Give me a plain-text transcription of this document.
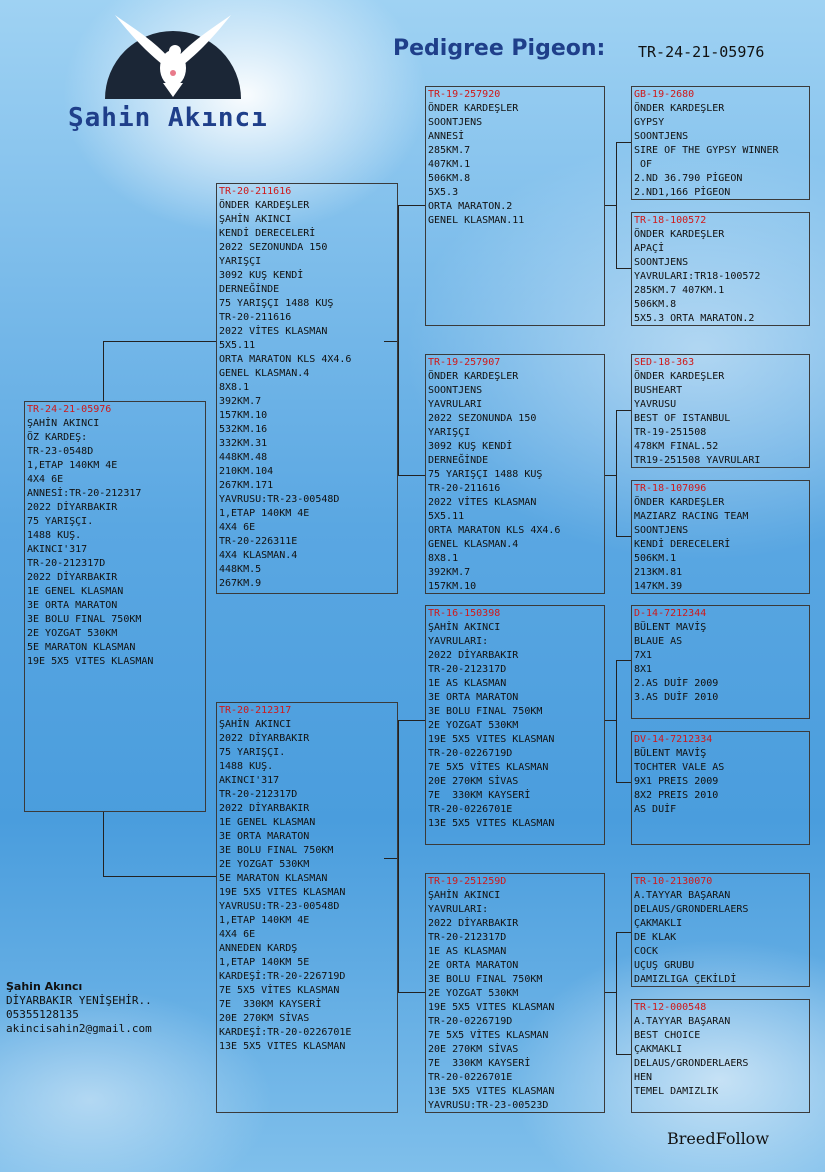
Şahin Akıncı
Pedigree Pigeon: TR-24-21-05976
TR-24-21-05976
ŞAHİN AKINCI
ÖZ KARDEŞ:
TR-23-0548D
1,ETAP 140KM 4E
4X4 6E
ANNESİ:TR-20-212317
2022 DİYARBAKIR
75 YARIŞÇI.
1488 KUŞ.
AKINCI'317
TR-20-212317D
2022 DİYARBAKIR
1E GENEL KLASMAN
3E ORTA MARATON
3E BOLU FINAL 750KM
2E YOZGAT 530KM
5E MARATON KLASMAN
19E 5X5 VITES KLASMAN
TR-20-211616
ÖNDER KARDEŞLER
ŞAHİN AKINCI
KENDİ DERECELERİ
2022 SEZONUNDA 150
YARIŞÇI
3092 KUŞ KENDİ
DERNEĞİNDE
75 YARIŞÇI 1488 KUŞ
TR-20-211616
2022 VİTES KLASMAN
5X5.11
ORTA MARATON KLS 4X4.6
GENEL KLASMAN.4
8X8.1
392KM.7
157KM.10
532KM.16
332KM.31
448KM.48
210KM.104
267KM.171
YAVRUSU:TR-23-00548D
1,ETAP 140KM 4E
4X4 6E
TR-20-226311E
4X4 KLASMAN.4
448KM.5
267KM.9
TR-20-212317
ŞAHİN AKINCI
2022 DİYARBAKIR
75 YARIŞÇI.
1488 KUŞ.
AKINCI'317
TR-20-212317D
2022 DİYARBAKIR
1E GENEL KLASMAN
3E ORTA MARATON
3E BOLU FINAL 750KM
2E YOZGAT 530KM
5E MARATON KLASMAN
19E 5X5 VITES KLASMAN
YAVRUSU:TR-23-00548D
1,ETAP 140KM 4E
4X4 6E
ANNEDEN KARDŞ
1,ETAP 140KM 5E
KARDEŞİ:TR-20-226719D
7E 5X5 VİTES KLASMAN
7E  330KM KAYSERİ
20E 270KM SİVAS
KARDEŞİ:TR-20-0226701E
13E 5X5 VITES KLASMAN
TR-19-257920
ÖNDER KARDEŞLER
SOONTJENS
ANNESİ
285KM.7
407KM.1
506KM.8
5X5.3
ORTA MARATON.2
GENEL KLASMAN.11
TR-19-257907
ÖNDER KARDEŞLER
SOONTJENS
YAVRULARI
2022 SEZONUNDA 150
YARIŞÇI
3092 KUŞ KENDİ
DERNEĞİNDE
75 YARIŞÇI 1488 KUŞ
TR-20-211616
2022 VİTES KLASMAN
5X5.11
ORTA MARATON KLS 4X4.6
GENEL KLASMAN.4
8X8.1
392KM.7
157KM.10
TR-16-150398
ŞAHİN AKINCI
YAVRULARI:
2022 DİYARBAKIR
TR-20-212317D
1E AS KLASMAN
3E ORTA MARATON
3E BOLU FINAL 750KM
2E YOZGAT 530KM
19E 5X5 VITES KLASMAN
TR-20-0226719D
7E 5X5 VİTES KLASMAN
20E 270KM SİVAS
7E  330KM KAYSERİ
TR-20-0226701E
13E 5X5 VITES KLASMAN
TR-19-251259D
ŞAHİN AKINCI
YAVRULARI:
2022 DİYARBAKIR
TR-20-212317D
1E AS KLASMAN
2E ORTA MARATON
3E BOLU FINAL 750KM
2E YOZGAT 530KM
19E 5X5 VITES KLASMAN
TR-20-0226719D
7E 5X5 VİTES KLASMAN
20E 270KM SİVAS
7E  330KM KAYSERİ
TR-20-0226701E
13E 5X5 VITES KLASMAN
YAVRUSU:TR-23-00523D
GB-19-2680
ÖNDER KARDEŞLER
GYPSY
SOONTJENS
SIRE OF THE GYPSY WINNER
OF
2.ND 36.790 PİGEON
2.ND1,166 PİGEON
TR-18-100572
ÖNDER KARDEŞLER
APAÇİ
SOONTJENS
YAVRULARI:TR18-100572
285KM.7 407KM.1
506KM.8
5X5.3 ORTA MARATON.2
SED-18-363
ÖNDER KARDEŞLER
BUSHEART
YAVRUSU
BEST OF ISTANBUL
TR-19-251508
478KM FINAL.52
TR19-251508 YAVRULARI
TR-18-107096
ÖNDER KARDEŞLER
MAZIARZ RACING TEAM
SOONTJENS
KENDİ DERECELERİ
506KM.1
213KM.81
147KM.39
D-14-7212344
BÜLENT MAVİŞ
BLAUE AS
7X1
8X1
2.AS DUİF 2009
3.AS DUİF 2010
DV-14-7212334
BÜLENT MAVİŞ
TOCHTER VALE AS
9X1 PREIS 2009
8X2 PREIS 2010
AS DUİF
TR-10-2130070
A.TAYYAR BAŞARAN
DELAUS/GRONDERLAERS
ÇAKMAKLI
DE KLAK
COCK
UÇUŞ GRUBU
DAMIZLIGA ÇEKİLDİ
TR-12-000548
A.TAYYAR BAŞARAN
BEST CHOICE
ÇAKMAKLI
DELAUS/GRONDERLAERS
HEN
TEMEL DAMIZLIK
Şahin Akıncı
DİYARBAKIR YENİŞEHİR..
05355128135
akincisahin2@gmail.com
BreedFollow
